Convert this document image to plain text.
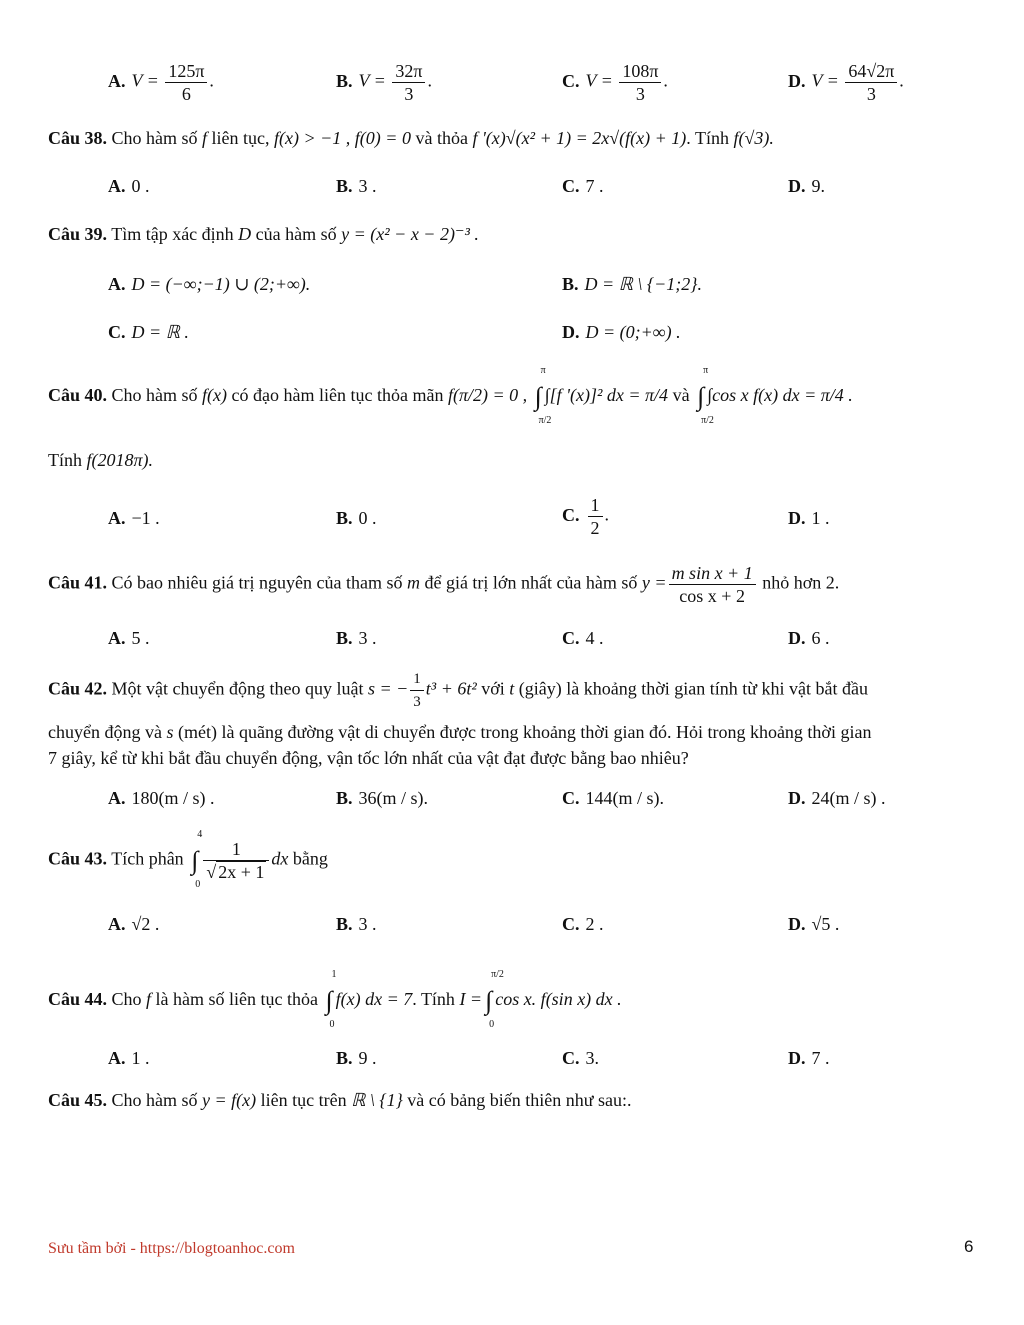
A. $V = \frac{125\pi}{6}$ .	B. $V = \frac{32\pi}{3}$ .	C. $V = \frac{108\pi}{3}$ .	D. $V = \frac{64√2\pi}{3}$ .
Câu 38. Cho hàm số f liên tục, f(x) > −1 , f(0) = 0 và thỏa f '(x)√(x² + 1) = 2x√(f(x) + 1). Tính f(√3).
A. 0 .	B. 3 .	C. 7 .	D. 9.
Câu 39. Tìm tập xác định D của hàm số y = (x² − x − 2)⁻³ .
A. D = (−∞;−1) ∪ (2;+∞).	B. D = ℝ \ {−1;2}.
C. D = ℝ .	D. D = (0;+∞) .
Câu 40. Cho hàm số f(x) có đạo hàm liên tục thỏa mãn f(π/2) = 0 , ∫
π
π/2
∫[f '(x)]² dx = π/4 và ∫
π
π/2
∫cos x f(x) dx = π/4 .
Tính f(2018π).
A. −1 .	B. 0 .	C. $\frac{1}{2}$ .	D. 1 .
Câu 41. Có bao nhiêu giá trị nguyên của tham số m để giá trị lớn nhất của hàm số $y = \frac{\text{m sin x + 1}}{\text{cos x + 2}}$ nhỏ hơn 2.
A. 5 .	B. 3 .	C. 4 .	D. 6 .
Câu 42. Một vật chuyển động theo quy luật s = − $\frac{1}{3} t^3 + 6t^2$ với t (giây) là khoảng thời gian tính từ khi vật bắt đầu
chuyển động và s (mét) là quãng đường vật di chuyển được trong khoảng thời gian đó. Hỏi trong khoảng thời gian
7 giây, kể từ khi bắt đầu chuyển động, vận tốc lớn nhất của vật đạt được bằng bao nhiêu?
A. 180(m / s) .	B. 36(m / s).	C. 144(m / s).	D. 24(m / s) .
Câu 43. Tích phân ∫
4
0
$\frac{1}{√ 2x + 1}$ dx bằng
A. √2 .	B. 3 .	C. 2 .	D. √5 .
Câu 44. Cho f là hàm số liên tục thỏa ∫
1
0
f(x) dx = 7. Tính I = ∫
π/2
0
cos x. f(sin x) dx .
A. 1 .	B. 9 .	C. 3.	D. 7 .
Câu 45. Cho hàm số y = f(x) liên tục trên ℝ \ {1} và có bảng biến thiên như sau:.
Sưu tầm bởi - https://blogtoanhoc.com	6
